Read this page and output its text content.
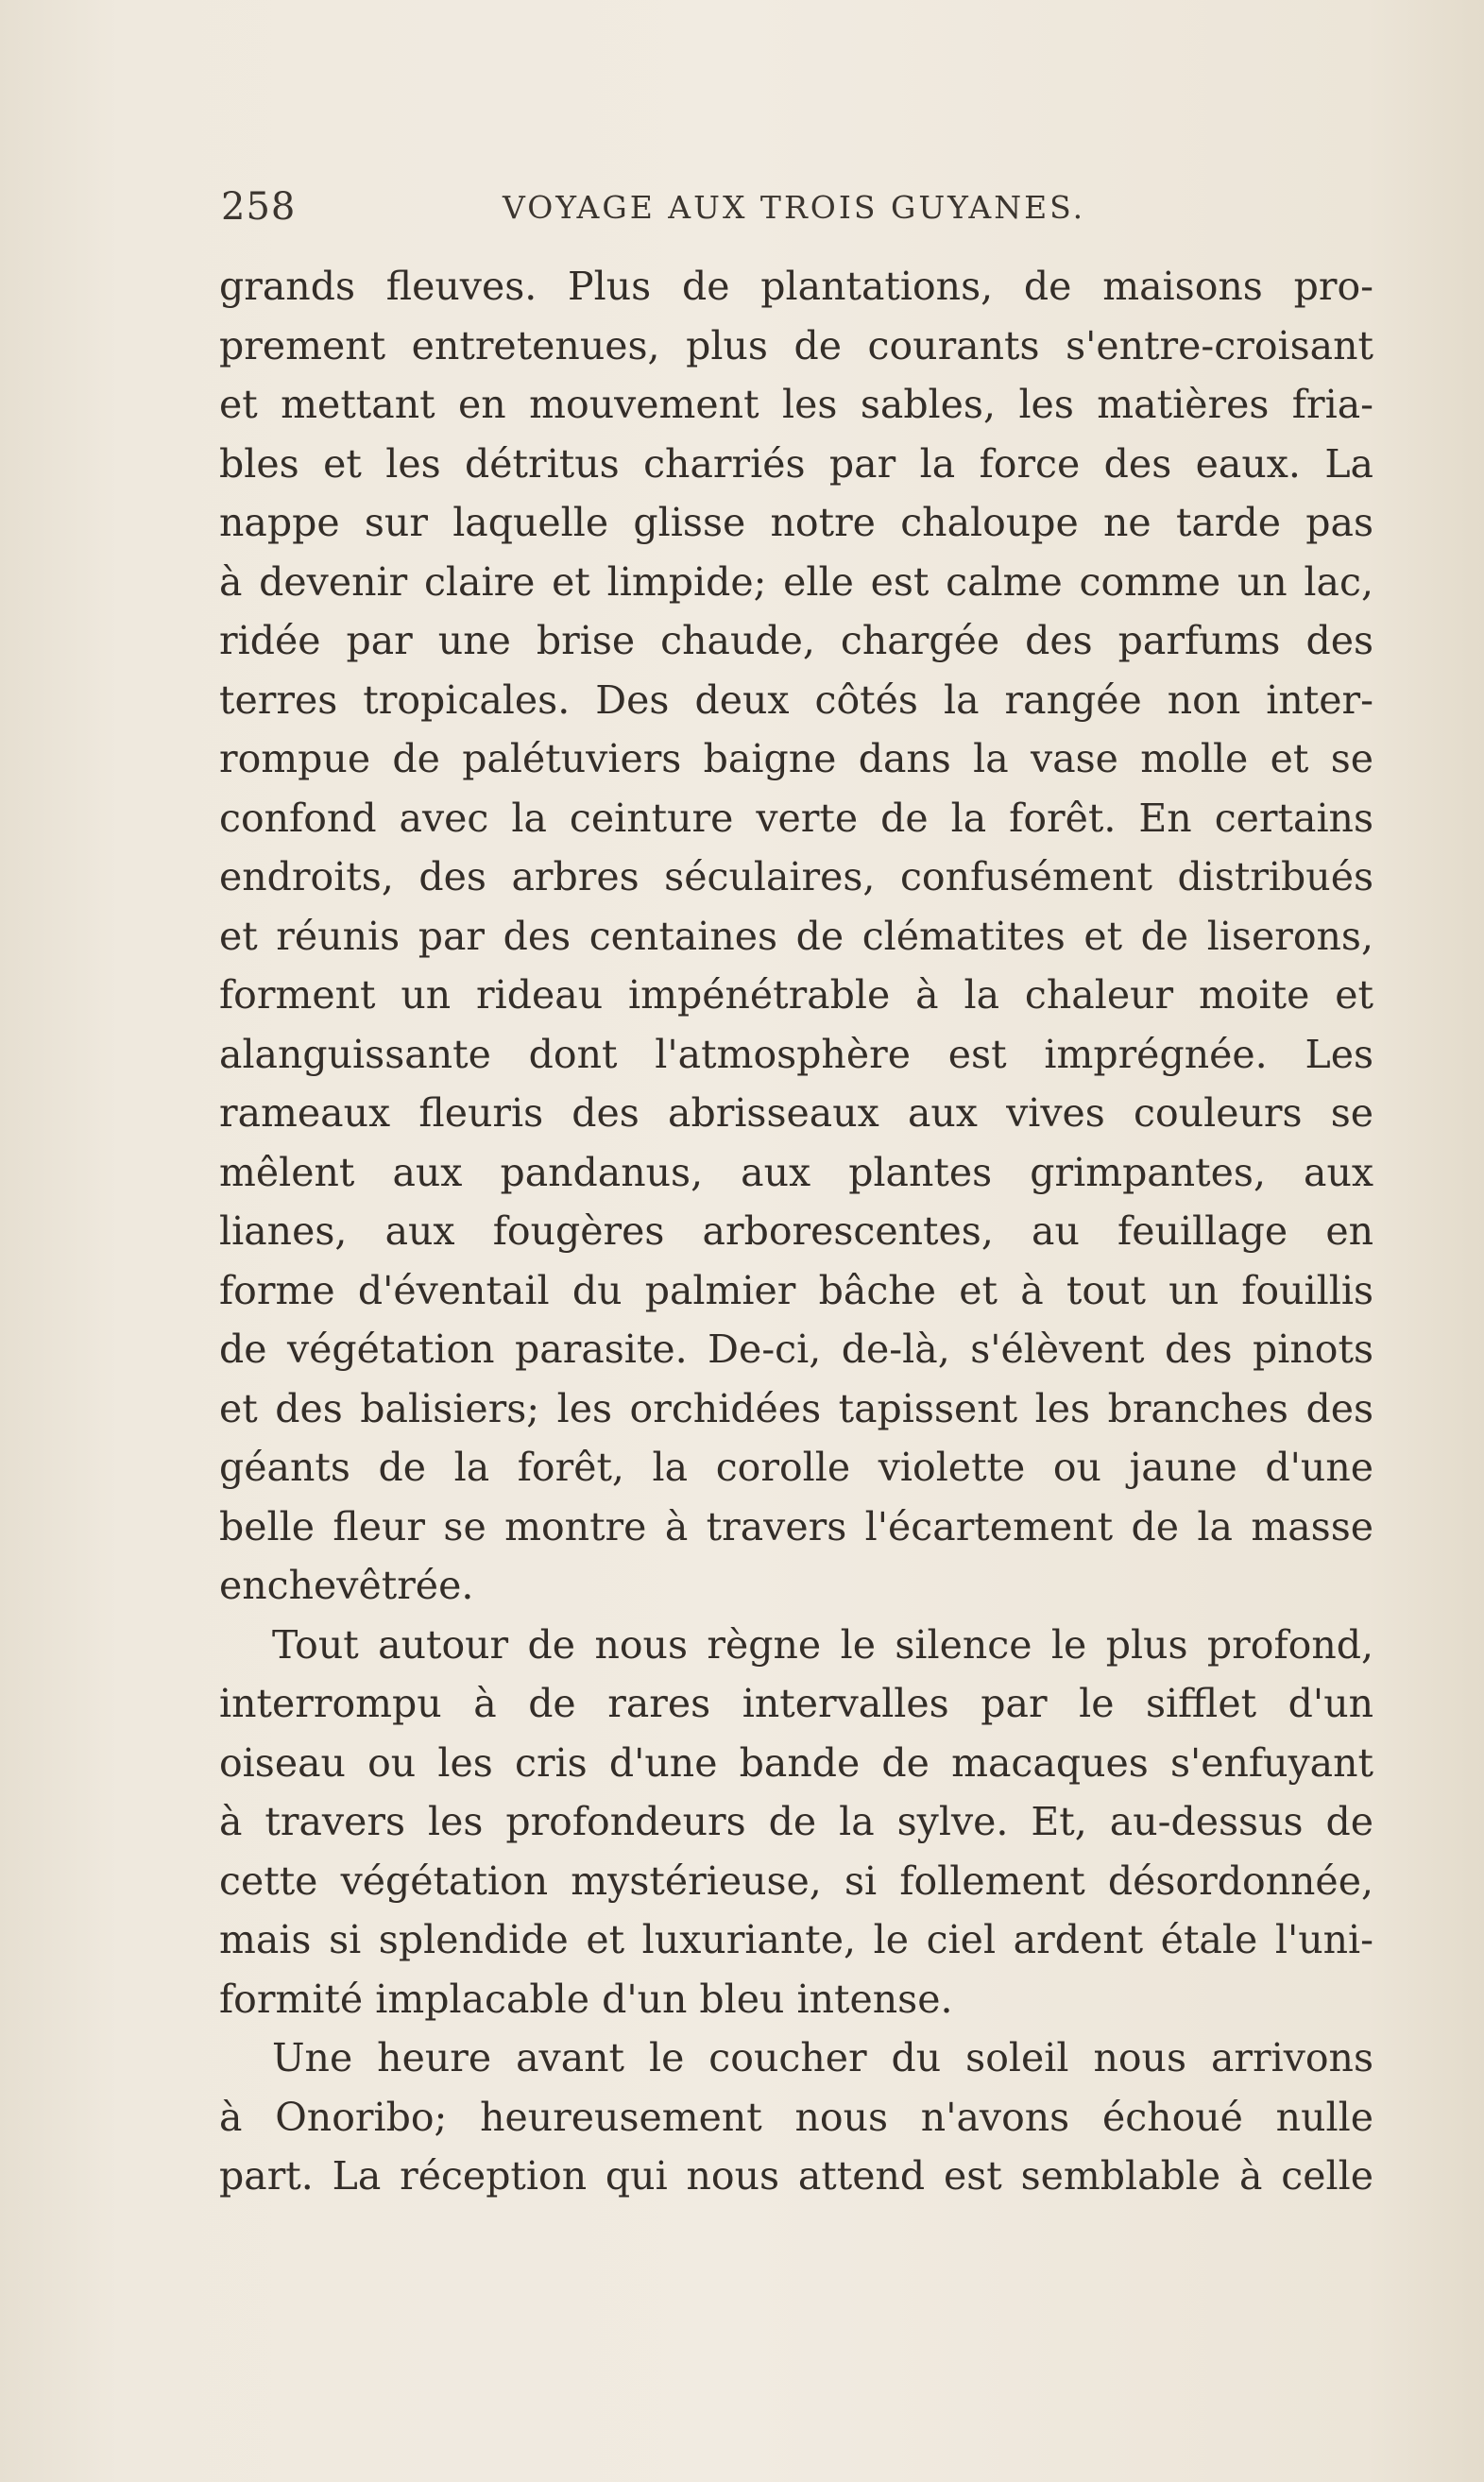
258	VOYAGE AUX TROIS GUYANES.
grands fleuves. Plus de plantations, de maisons pro-
prement entretenues, plus de courants s'entre-croisant
et mettant en mouvement les sables, les matières fria-
bles et les détritus charriés par la force des eaux. La
nappe sur laquelle glisse notre chaloupe ne tarde pas
à devenir claire et limpide; elle est calme comme un lac,
ridée par une brise chaude, chargée des parfums des
terres tropicales. Des deux côtés la rangée non inter-
rompue de palétuviers baigne dans la vase molle et se
confond avec la ceinture verte de la forêt. En certains
endroits, des arbres séculaires, confusément distribués
et réunis par des centaines de clématites et de liserons,
forment un rideau impénétrable à la chaleur moite et
alanguissante dont l'atmosphère est imprégnée. Les
rameaux fleuris des abrisseaux aux vives couleurs se
mêlent aux pandanus, aux plantes grimpantes, aux
lianes, aux fougères arborescentes, au feuillage en
forme d'éventail du palmier bâche et à tout un fouillis
de végétation parasite. De-ci, de-là, s'élèvent des pinots
et des balisiers; les orchidées tapissent les branches des
géants de la forêt, la corolle violette ou jaune d'une
belle fleur se montre à travers l'écartement de la masse
enchevêtrée.
Tout autour de nous règne le silence le plus profond,
interrompu à de rares intervalles par le sifflet d'un
oiseau ou les cris d'une bande de macaques s'enfuyant
à travers les profondeurs de la sylve. Et, au-dessus de
cette végétation mystérieuse, si follement désordonnée,
mais si splendide et luxuriante, le ciel ardent étale l'uni-
formité implacable d'un bleu intense.
Une heure avant le coucher du soleil nous arrivons
à Onoribo; heureusement nous n'avons échoué nulle
part. La réception qui nous attend est semblable à celle
